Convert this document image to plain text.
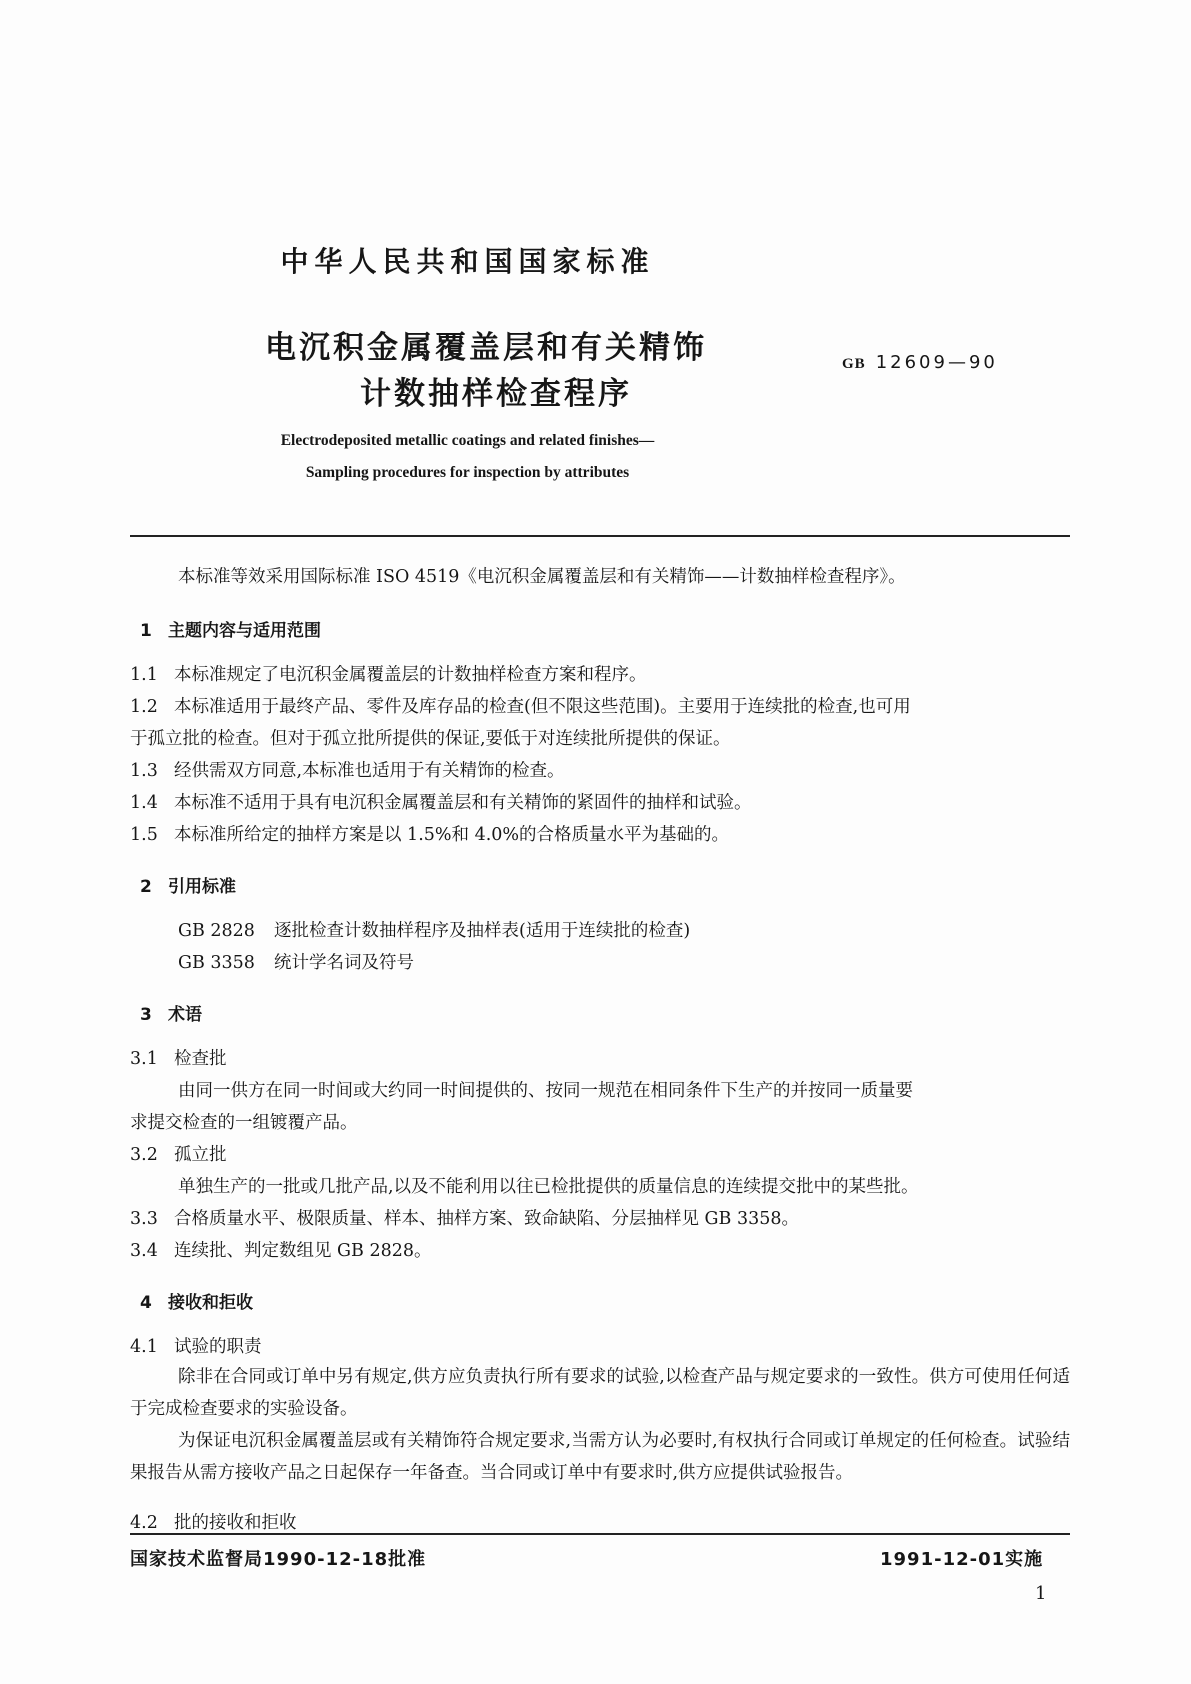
中华人民共和国国家标准
电沉积金属覆盖层和有关精饰
计数抽样检查程序
GB 12609—90
Electrodeposited metallic coatings and related finishes—
Sampling procedures for inspection by attributes
本标准等效采用国际标准 ISO 4519《电沉积金属覆盖层和有关精饰——计数抽样检查程序》。
1 主题内容与适用范围
1.1 本标准规定了电沉积金属覆盖层的计数抽样检查方案和程序。
1.2 本标准适用于最终产品、零件及库存品的检查(但不限这些范围)。主要用于连续批的检查,也可用
于孤立批的检查。但对于孤立批所提供的保证,要低于对连续批所提供的保证。
1.3 经供需双方同意,本标准也适用于有关精饰的检查。
1.4 本标准不适用于具有电沉积金属覆盖层和有关精饰的紧固件的抽样和试验。
1.5 本标准所给定的抽样方案是以 1.5%和 4.0%的合格质量水平为基础的。
2 引用标准
GB 2828 逐批检查计数抽样程序及抽样表(适用于连续批的检查)
GB 3358 统计学名词及符号
3 术语
3.1 检查批
由同一供方在同一时间或大约同一时间提供的、按同一规范在相同条件下生产的并按同一质量要
求提交检查的一组镀覆产品。
3.2 孤立批
单独生产的一批或几批产品,以及不能利用以往已检批提供的质量信息的连续提交批中的某些批。
3.3 合格质量水平、极限质量、样本、抽样方案、致命缺陷、分层抽样见 GB 3358。
3.4 连续批、判定数组见 GB 2828。
4 接收和拒收
4.1 试验的职责
除非在合同或订单中另有规定,供方应负责执行所有要求的试验,以检查产品与规定要求的一致性。供方可使用任何适于完成检查要求的实验设备。
为保证电沉积金属覆盖层或有关精饰符合规定要求,当需方认为必要时,有权执行合同或订单规定的任何检查。试验结果报告从需方接收产品之日起保存一年备查。当合同或订单中有要求时,供方应提供试验报告。
4.2 批的接收和拒收
国家技术监督局1990-12-18批准	1991-12-01实施
1
